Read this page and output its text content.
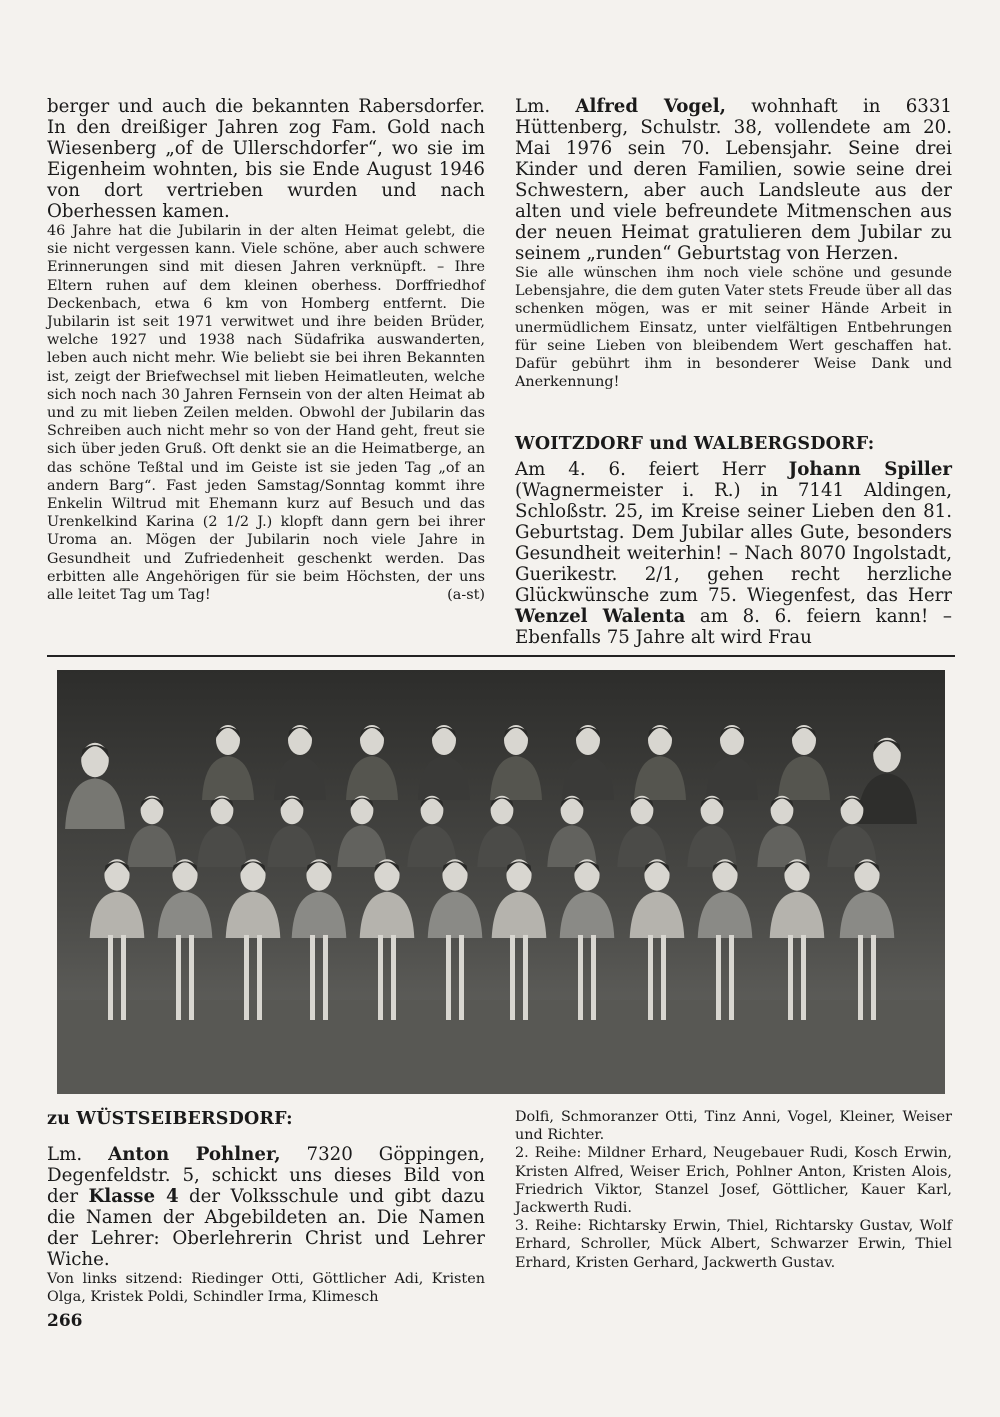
berger und auch die bekannten Rabersdorfer. In den dreißiger Jahren zog Fam. Gold nach Wiesenberg „of de Ullerschdorfer“, wo sie im Eigenheim wohnten, bis sie Ende August 1946 von dort vertrieben wurden und nach Oberhessen kamen.

46 Jahre hat die Jubilarin in der alten Heimat gelebt, die sie nicht vergessen kann. Viele schöne, aber auch schwere Erinnerungen sind mit diesen Jahren verknüpft. – Ihre Eltern ruhen auf dem kleinen oberhess. Dorffriedhof Deckenbach, etwa 6 km von Homberg entfernt. Die Jubilarin ist seit 1971 verwitwet und ihre beiden Brüder, welche 1927 und 1938 nach Südafrika auswanderten, leben auch nicht mehr. Wie beliebt sie bei ihren Bekannten ist, zeigt der Briefwechsel mit lieben Heimatleuten, welche sich noch nach 30 Jahren Fernsein von der alten Heimat ab und zu mit lieben Zeilen melden. Obwohl der Jubilarin das Schreiben auch nicht mehr so von der Hand geht, freut sie sich über jeden Gruß. Oft denkt sie an die Heimatberge, an das schöne Teßtal und im Geiste ist sie jeden Tag „of an andern Barg“. Fast jeden Samstag/Sonntag kommt ihre Enkelin Wiltrud mit Ehemann kurz auf Besuch und das Urenkelkind Karina (2 1/2 J.) klopft dann gern bei ihrer Uroma an. Mögen der Jubilarin noch viele Jahre in Gesundheit und Zufriedenheit geschenkt werden. Das erbitten alle Angehörigen für sie beim Höchsten, der uns alle leitet Tag um Tag!	(a-st)

Lm. Alfred Vogel, wohnhaft in 6331 Hüttenberg, Schulstr. 38, vollendete am 20. Mai 1976 sein 70. Lebensjahr. Seine drei Kinder und deren Familien, sowie seine drei Schwestern, aber auch Landsleute aus der alten und viele befreundete Mitmenschen aus der neuen Heimat gratulieren dem Jubilar zu seinem „runden“ Geburtstag von Herzen.

Sie alle wünschen ihm noch viele schöne und gesunde Lebensjahre, die dem guten Vater stets Freude über all das schenken mögen, was er mit seiner Hände Arbeit in unermüdlichem Einsatz, unter vielfältigen Entbehrungen für seine Lieben von bleibendem Wert geschaffen hat. Dafür gebührt ihm in besonderer Weise Dank und Anerkennung!

WOITZDORF und WALBERGSDORF:

Am 4. 6. feiert Herr Johann Spiller (Wagnermeister i. R.) in 7141 Aldingen, Schloßstr. 25, im Kreise seiner Lieben den 81. Geburtstag. Dem Jubilar alles Gute, besonders Gesundheit weiterhin! – Nach 8070 Ingolstadt, Guerikestr. 2/1, gehen recht herzliche Glückwünsche zum 75. Wiegenfest, das Herr Wenzel Walenta am 8. 6. feiern kann! – Ebenfalls 75 Jahre alt wird Frau

zu WÜSTSEIBERSDORF:

Lm. Anton Pohlner, 7320 Göppingen, Degenfeldstr. 5, schickt uns dieses Bild von der Klasse 4 der Volksschule und gibt dazu die Namen der Abgebildeten an. Die Namen der Lehrer: Oberlehrerin Christ und Lehrer Wiche.

Von links sitzend: Riedinger Otti, Göttlicher Adi, Kristen Olga, Kristek Poldi, Schindler Irma, Klimesch

Dolfi, Schmoranzer Otti, Tinz Anni, Vogel, Kleiner, Weiser und Richter.

2. Reihe: Mildner Erhard, Neugebauer Rudi, Kosch Erwin, Kristen Alfred, Weiser Erich, Pohlner Anton, Kristen Alois, Friedrich Viktor, Stanzel Josef, Göttlicher, Kauer Karl, Jackwerth Rudi.

3. Reihe: Richtarsky Erwin, Thiel, Richtarsky Gustav, Wolf Erhard, Schroller, Mück Albert, Schwarzer Erwin, Thiel Erhard, Kristen Gerhard, Jackwerth Gustav.

266
